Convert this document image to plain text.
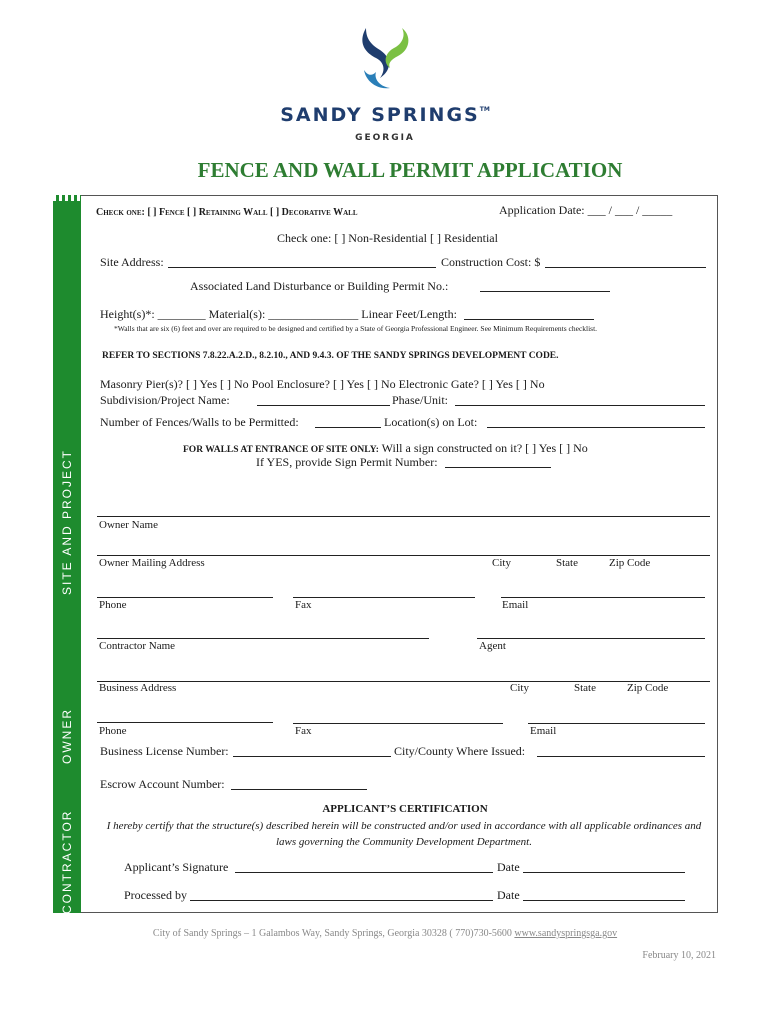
SANDY SPRINGS™
GEORGIA
FENCE AND WALL PERMIT APPLICATION
SITE AND PROJECT
OWNER
CONTRACTOR
Check one: [ ] Fence [ ] Retaining Wall [ ] Decorative Wall	Application Date: ___ / ___ / _____
Check one: [ ] Non-Residential [ ] Residential
Site Address:	Construction Cost: $
Associated Land Disturbance or Building Permit No.:
Height(s)*: ________ Material(s): _______________ Linear Feet/Length:
*Walls that are six (6) feet and over are required to be designed and certified by a State of Georgia Professional Engineer. See Minimum Requirements checklist.
REFER TO SECTIONS 7.8.22.A.2.D., 8.2.10., AND 9.4.3. OF THE SANDY SPRINGS DEVELOPMENT CODE.
Masonry Pier(s)? [ ] Yes [ ] No Pool Enclosure? [ ] Yes [ ] No Electronic Gate? [ ] Yes [ ] No
Subdivision/Project Name:	Phase/Unit:
Number of Fences/Walls to be Permitted:	Location(s) on Lot:
FOR WALLS AT ENTRANCE OF SITE ONLY: Will a sign constructed on it? [ ] Yes [ ] No
If YES, provide Sign Permit Number:
Owner Name
Owner Mailing Address	City	State	Zip Code
Phone	Fax	Email
Contractor Name	Agent
Business Address	City	State	Zip Code
Phone	Fax	Email
Business License Number:	City/County Where Issued:
Escrow Account Number:
APPLICANT’S CERTIFICATION
I hereby certify that the structure(s) described herein will be constructed and/or used in accordance with all applicable ordinances and laws governing the Community Development Department.
Applicant’s Signature	Date
Processed by	Date
City of Sandy Springs – 1 Galambos Way, Sandy Springs, Georgia 30328 ( 770)730-5600 www.sandyspringsga.gov
February 10, 2021
